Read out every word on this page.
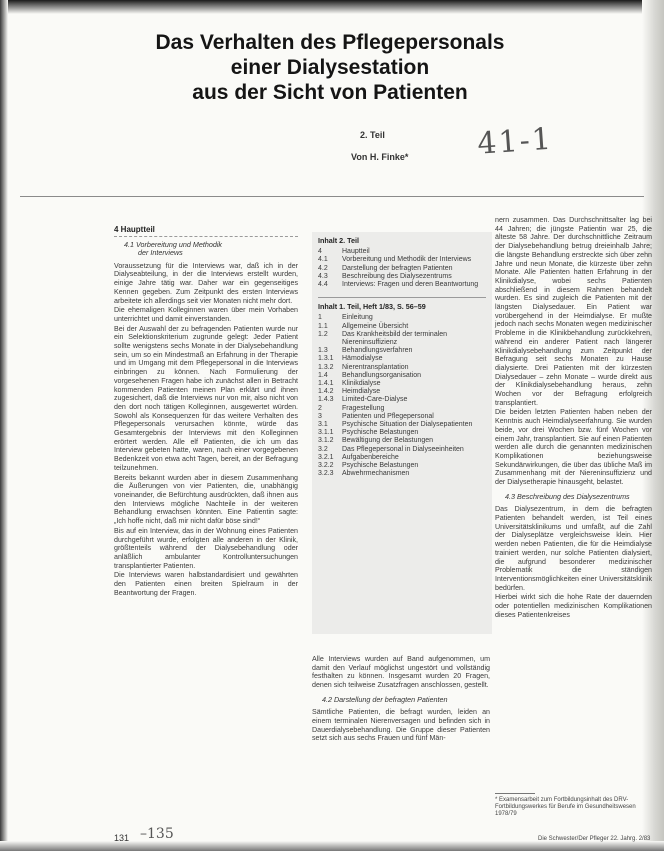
Das Verhalten des Pflegepersonals
einer Dialysestation
aus der Sicht von Patienten
2. Teil
Von H. Finke*	41-1
4 Hauptteil
4.1 Vorbereitung und Methodik
der Interviews

Voraussetzung für die Interviews war, daß ich in der Dialyseabteilung, in der die Interviews erstellt wurden, einige Jahre tätig war. Daher war ein gegenseitiges Kennen gegeben. Zum Zeitpunkt des ersten Interviews arbeitete ich allerdings seit vier Monaten nicht mehr dort.

Die ehemaligen Kolleginnen waren über mein Vorhaben unterrichtet und damit einverstanden.

Bei der Auswahl der zu befragenden Patienten wurde nur ein Selektionskriterium zugrunde gelegt: Jeder Patient sollte wenigstens sechs Monate in der Dialysebehandlung sein, um so ein Mindestmaß an Erfahrung in der Therapie und im Umgang mit dem Pflegepersonal in die Interviews einbringen zu können. Nach Formulierung der vorgesehenen Fragen habe ich zunächst allen in Betracht kommenden Patienten meinen Plan erklärt und ihnen zugesichert, daß die Interviews nur von mir, also nicht von den dort noch tätigen Kolleginnen, ausgewertet würden. Sowohl als Konsequenzen für das weitere Verhalten des Pflegepersonals verursachen könnte, würde das Gesamtergebnis der Interviews mit den Kolleginnen erörtert werden. Alle elf Patienten, die ich um das Interview gebeten hatte, waren, nach einer vorgegebenen Bedenkzeit von etwa acht Tagen, bereit, an der Befragung teilzunehmen.

Bereits bekannt wurden aber in diesem Zusammenhang die Äußerungen von vier Patienten, die, unabhängig voneinander, die Befürchtung ausdrückten, daß ihnen aus den Interviews mögliche Nachteile in der weiteren Behandlung erwachsen könnten. Eine Patientin sagte: „Ich hoffe nicht, daß mir nicht dafür böse sind!“

Bis auf ein Interview, das in der Wohnung eines Patienten durchgeführt wurde, erfolgten alle anderen in der Klinik, größtenteils während der Dialysebehandlung oder anläßlich ambulanter Kontrolluntersuchungen transplantierter Patienten.

Die Interviews waren halbstandardisiert und gewährten den Patienten einen breiten Spielraum in der Beantwortung der Fragen.

Inhalt 2. Teil
4	Hauptteil
4.1	Vorbereitung und Methodik der Interviews
4.2	Darstellung der befragten Patienten
4.3	Beschreibung des Dialysezentrums
4.4	Interviews: Fragen und deren Beantwortung
Inhalt 1. Teil, Heft 1/83, S. 56–59
1	Einleitung
1.1	Allgemeine Übersicht
1.2	Das Krankheitsbild der terminalen Niereninsuffizienz
1.3	Behandlungsverfahren
1.3.1	Hämodialyse
1.3.2	Nierentransplantation
1.4	Behandlungsorganisation
1.4.1	Klinikdialyse
1.4.2	Heimdialyse
1.4.3	Limited-Care-Dialyse
2	Fragestellung
3	Patienten und Pflegepersonal
3.1	Psychische Situation der Dialysepatienten
3.1.1	Psychische Belastungen
3.1.2	Bewältigung der Belastungen
3.2	Das Pflegepersonal in Dialyseeinheiten
3.2.1	Aufgabenbereiche
3.2.2	Psychische Belastungen
3.2.3	Abwehrmechanismen

Alle Interviews wurden auf Band aufgenommen, um damit den Verlauf möglichst ungestört und vollständig festhalten zu können. Insgesamt wurden 20 Fragen, denen sich teilweise Zusatzfragen anschlossen, gestellt.

4.2 Darstellung der befragten Patienten

Sämtliche Patienten, die befragt wurden, leiden an einem terminalen Nierenversagen und befinden sich in Dauerdialysebehandlung. Die Gruppe dieser Patienten setzt sich aus sechs Frauen und fünf Män-

nern zusammen. Das Durchschnittsalter lag bei 44 Jahren; die jüngste Patientin war 25, die älteste 58 Jahre. Der durchschnittliche Zeitraum der Dialysebehandlung betrug dreieinhalb Jahre; die längste Behandlung erstreckte sich über zehn Jahre und neun Monate, die kürzeste über zehn Monate. Alle Patienten hatten Erfahrung in der Klinikdialyse, wobei sechs Patienten abschließend in diesem Rahmen behandelt wurden. Es sind zugleich die Patienten mit der längsten Dialysedauer. Ein Patient war vorübergehend in der Heimdialyse. Er mußte jedoch nach sechs Monaten wegen medizinischer Probleme in die Klinikbehandlung zurückkehren, während ein anderer Patient nach längerer Klinikdialysebehandlung zum Zeitpunkt der Befragung seit sechs Monaten zu Hause dialysierte. Drei Patienten mit der kürzesten Dialysedauer – zehn Monate – wurde direkt aus der Klinikdialysebehandlung heraus, zehn Wochen vor der Befragung erfolgreich transplantiert.

Die beiden letzten Patienten haben neben der Kenntnis auch Heimdialyseerfahrung. Sie wurden beide, vor drei Wochen bzw. fünf Wochen vor einem Jahr, transplantiert. Sie auf einen Patienten werden alle durch die genannten medizinischen Komplikationen beziehungsweise Sekundärwirkungen, die über das übliche Maß im Zusammenhang mit der Niereninsuffizienz und der Dialysetherapie hinausgeht, belastet.

4.3 Beschreibung des Dialysezentrums

Das Dialysezentrum, in dem die befragten Patienten behandelt werden, ist Teil eines Universitätsklinikums und umfaßt, auf die Zahl der Dialyseplätze vergleichsweise klein. Hier werden neben Patienten, die für die Heimdialyse trainiert werden, nur solche Patienten dialysiert, die aufgrund besonderer medizinischer Problematik die ständigen Interventionsmöglichkeiten einer Universitätsklinik bedürfen.

Hierbei wirkt sich die hohe Rate der dauernden oder potentiellen medizinischen Komplikationen dieses Patientenkreises

* Examensarbeit zum Fortbildungsinhalt des DRV-Fortbildungswerkes für Berufe im Gesundheitswesen 1978/79
131 –135	Die Schwester/Der Pfleger 22. Jahrg. 2/83
